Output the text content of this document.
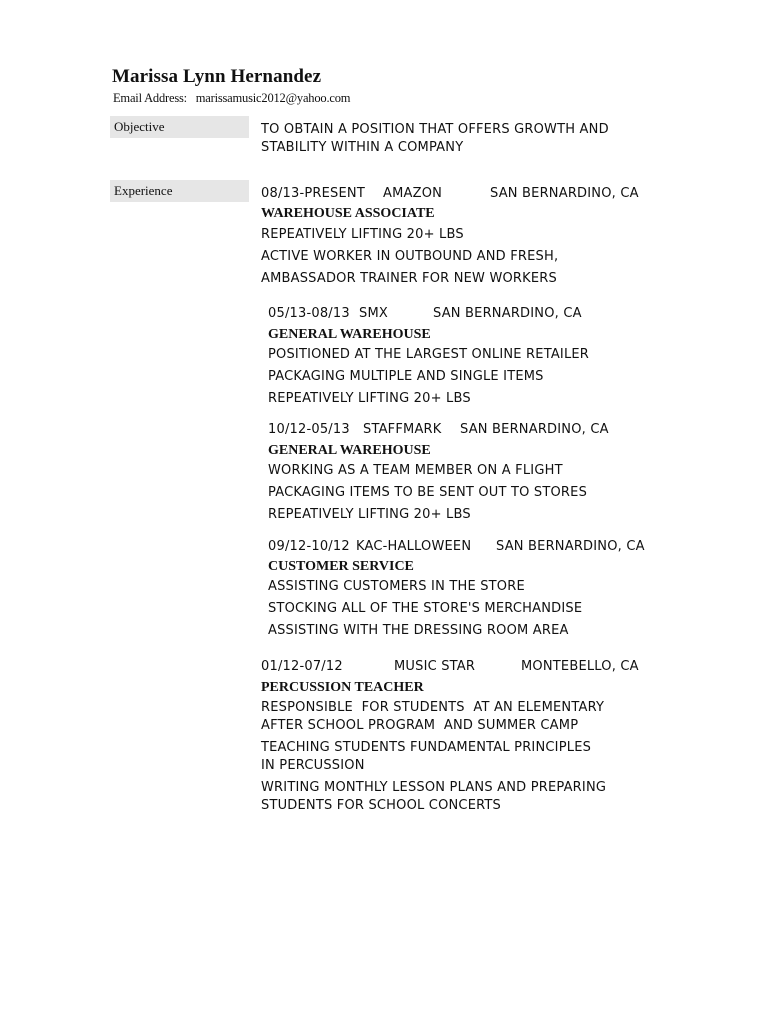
Marissa Lynn Hernandez
Email Address: marissamusic2012@yahoo.com
Objective	TO OBTAIN A POSITION THAT OFFERS GROWTH AND
STABILITY WITHIN A COMPANY
Experience	08/13-PRESENT AMAZON	SAN BERNARDINO, CA
WAREHOUSE ASSOCIATE
REPEATIVELY LIFTING 20+ LBS
ACTIVE WORKER IN OUTBOUND AND FRESH,
AMBASSADOR TRAINER FOR NEW WORKERS
05/13-08/13 SMX	SAN BERNARDINO, CA
GENERAL WAREHOUSE
POSITIONED AT THE LARGEST ONLINE RETAILER
PACKAGING MULTIPLE AND SINGLE ITEMS
REPEATIVELY LIFTING 20+ LBS
10/12-05/13 STAFFMARK SAN BERNARDINO, CA
GENERAL WAREHOUSE
WORKING AS A TEAM MEMBER ON A FLIGHT
PACKAGING ITEMS TO BE SENT OUT TO STORES
REPEATIVELY LIFTING 20+ LBS
09/12-10/12 KAC-HALLOWEEN SAN BERNARDINO, CA
CUSTOMER SERVICE
ASSISTING CUSTOMERS IN THE STORE
STOCKING ALL OF THE STORE'S MERCHANDISE
ASSISTING WITH THE DRESSING ROOM AREA
01/12-07/12	MUSIC STAR	MONTEBELLO, CA
PERCUSSION TEACHER
RESPONSIBLE  FOR STUDENTS  AT AN ELEMENTARY
AFTER SCHOOL PROGRAM  AND SUMMER CAMP
TEACHING STUDENTS FUNDAMENTAL PRINCIPLES
IN PERCUSSION
WRITING MONTHLY LESSON PLANS AND PREPARING
STUDENTS FOR SCHOOL CONCERTS
